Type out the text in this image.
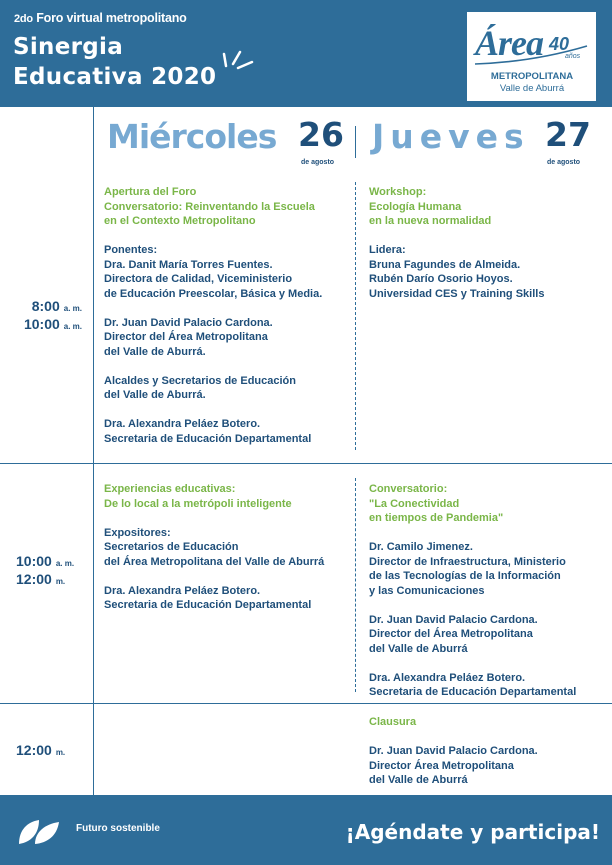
2do Foro virtual metropolitano
Sinergia
Educativa 2020
Área 40
años
METROPOLITANA
Valle de Aburrá
Miércoles 26
de agosto
Jueves 27
de agosto
8:00 a. m.
10:00 a. m.
10:00 a. m.
12:00 m.
12:00 m.
Apertura del Foro
Conversatorio: Reinventando la Escuela
en el Contexto Metropolitano
Ponentes:
Dra. Danit María Torres Fuentes.
Directora de Calidad, Viceministerio
de Educación Preescolar, Básica y Media.
Dr. Juan David Palacio Cardona.
Director del Área Metropolitana
del Valle de Aburrá.
Alcaldes y Secretarios de Educación
del Valle de Aburrá.
Dra. Alexandra Peláez Botero.
Secretaria de Educación Departamental
Workshop:
Ecología Humana
en la nueva normalidad
Lidera:
Bruna Fagundes de Almeida.
Rubén Darío Osorio Hoyos.
Universidad CES y Training Skills
Experiencias educativas:
De lo local a la metrópoli inteligente
Expositores:
Secretarios de Educación
del Área Metropolitana del Valle de Aburrá
Dra. Alexandra Peláez Botero.
Secretaria de Educación Departamental
Conversatorio:
"La Conectividad
en tiempos de Pandemia"
Dr. Camilo Jimenez.
Director de Infraestructura, Ministerio
de las Tecnologías de la Información
y las Comunicaciones
Dr. Juan David Palacio Cardona.
Director del Área Metropolitana
del Valle de Aburrá
Dra. Alexandra Peláez Botero.
Secretaria de Educación Departamental
Clausura
Dr. Juan David Palacio Cardona.
Director Área Metropolitana
del Valle de Aburrá
Futuro sostenible	¡Agéndate y participa!
